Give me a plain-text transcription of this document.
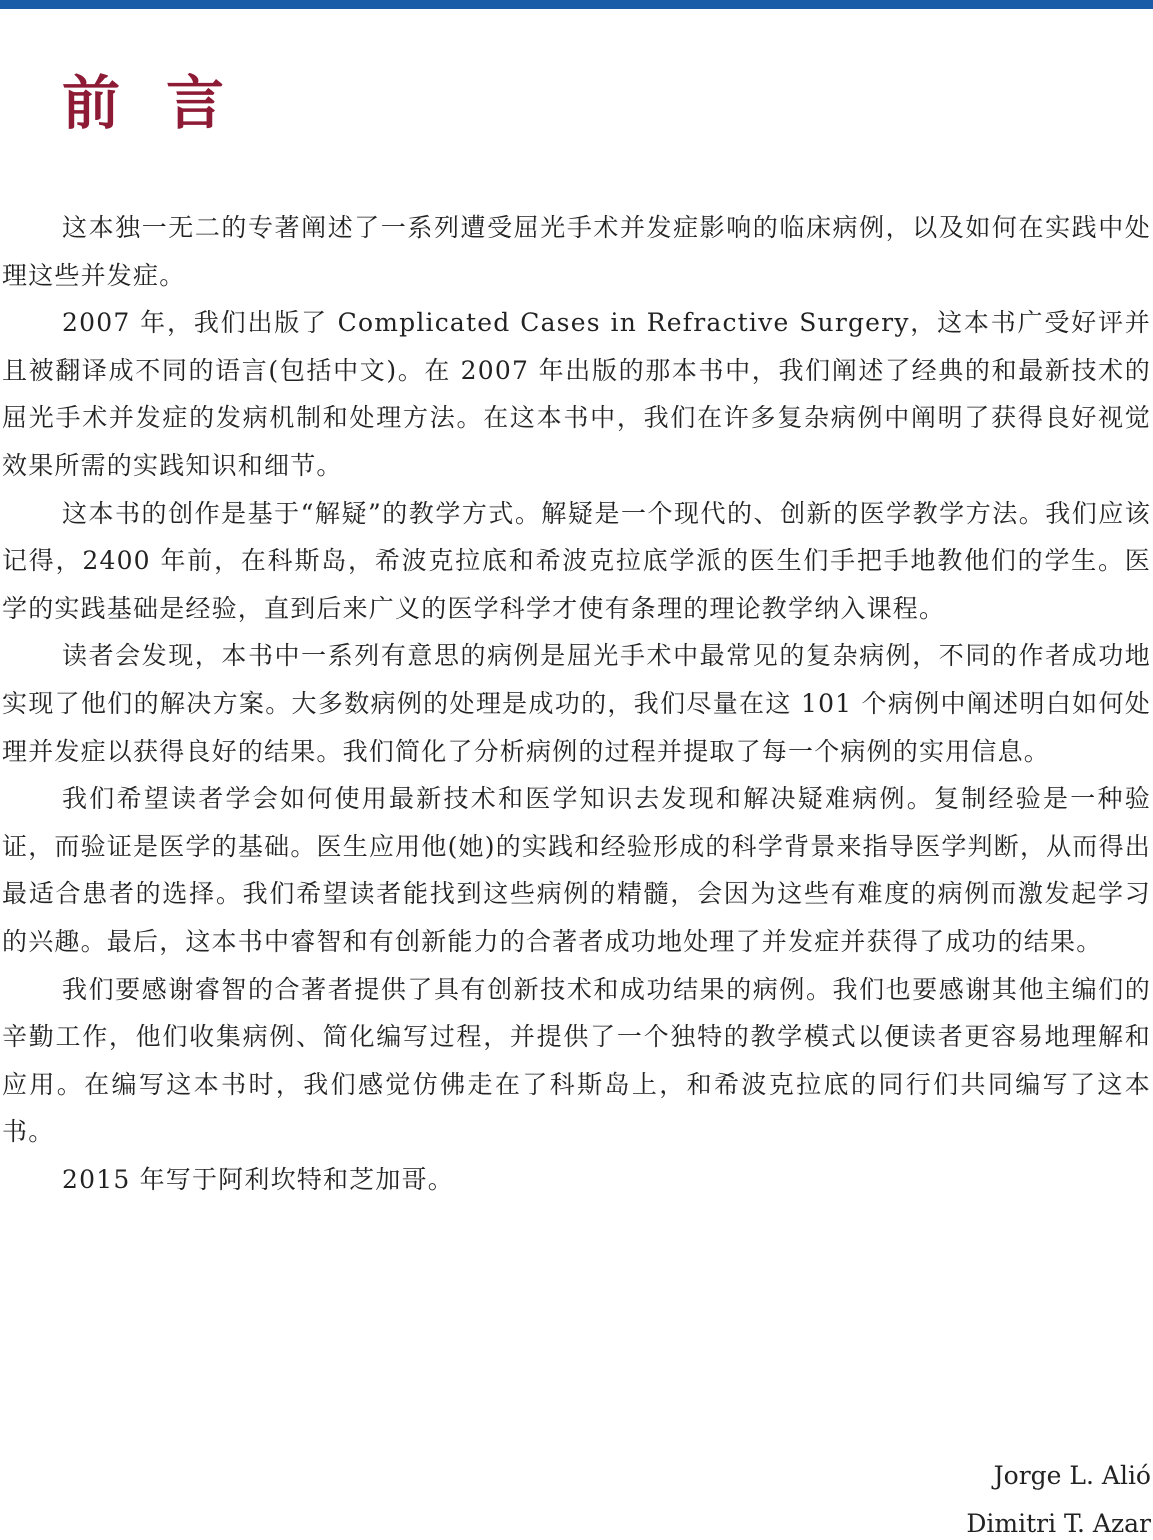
前言

这本独一无二的专著阐述了一系列遭受屈光手术并发症影响的临床病例，以及如何在实践中处理这些并发症。

2007 年，我们出版了 Complicated Cases in Refractive Surgery，这本书广受好评并且被翻译成不同的语言(包括中文)。在 2007 年出版的那本书中，我们阐述了经典的和最新技术的屈光手术并发症的发病机制和处理方法。在这本书中，我们在许多复杂病例中阐明了获得良好视觉效果所需的实践知识和细节。

这本书的创作是基于“解疑”的教学方式。解疑是一个现代的、创新的医学教学方法。我们应该记得，2400 年前，在科斯岛，希波克拉底和希波克拉底学派的医生们手把手地教他们的学生。医学的实践基础是经验，直到后来广义的医学科学才使有条理的理论教学纳入课程。

读者会发现，本书中一系列有意思的病例是屈光手术中最常见的复杂病例，不同的作者成功地实现了他们的解决方案。大多数病例的处理是成功的，我们尽量在这 101 个病例中阐述明白如何处理并发症以获得良好的结果。我们简化了分析病例的过程并提取了每一个病例的实用信息。

我们希望读者学会如何使用最新技术和医学知识去发现和解决疑难病例。复制经验是一种验证，而验证是医学的基础。医生应用他(她)的实践和经验形成的科学背景来指导医学判断，从而得出最适合患者的选择。我们希望读者能找到这些病例的精髓，会因为这些有难度的病例而激发起学习的兴趣。最后，这本书中睿智和有创新能力的合著者成功地处理了并发症并获得了成功的结果。

我们要感谢睿智的合著者提供了具有创新技术和成功结果的病例。我们也要感谢其他主编们的辛勤工作，他们收集病例、简化编写过程，并提供了一个独特的教学模式以便读者更容易地理解和应用。在编写这本书时，我们感觉仿佛走在了科斯岛上，和希波克拉底的同行们共同编写了这本书。

2015 年写于阿利坎特和芝加哥。

Jorge L. Alió
Dimitri T. Azar
